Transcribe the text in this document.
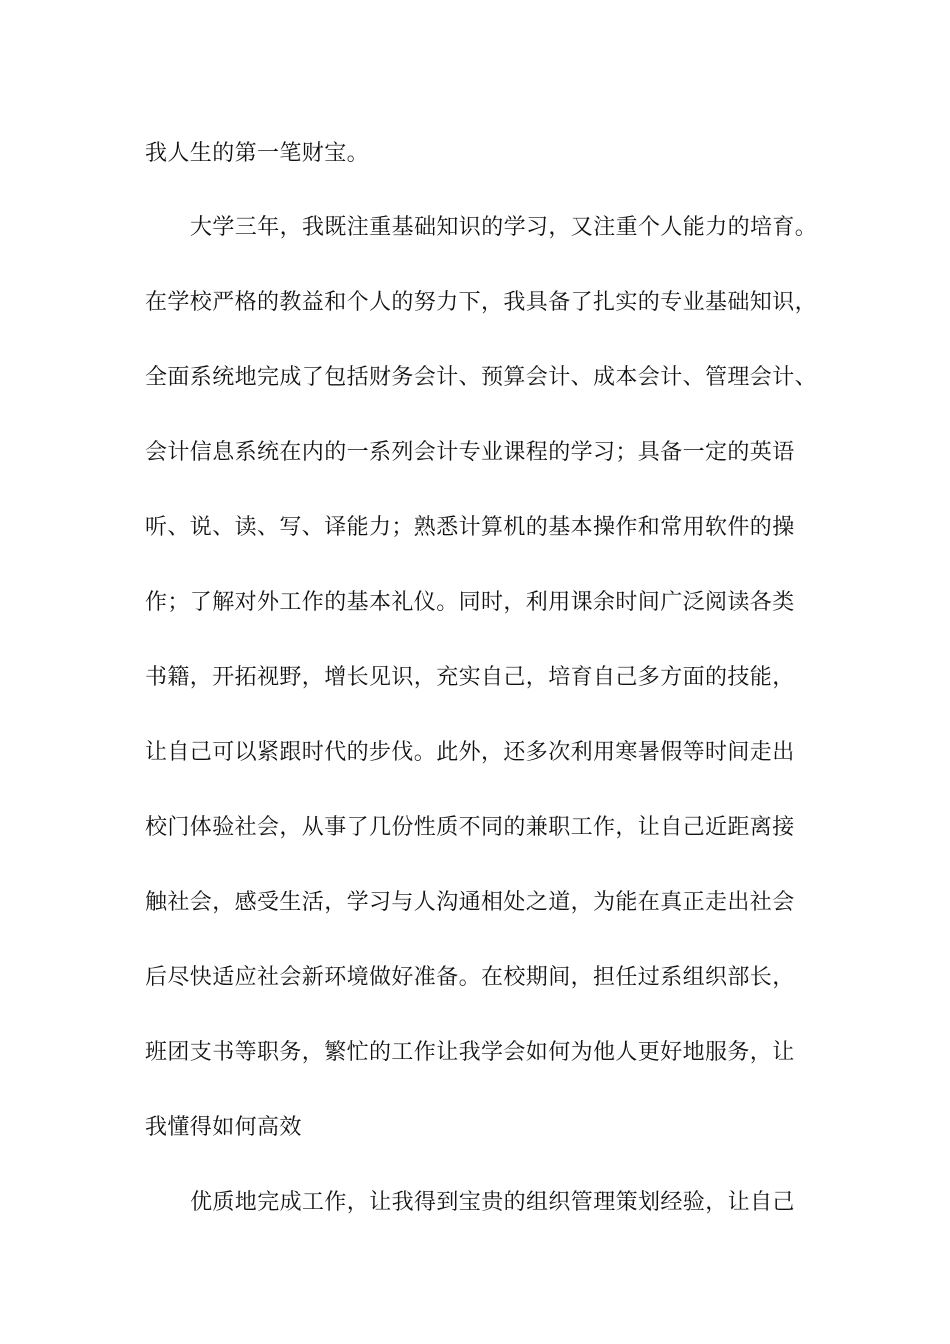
我人生的第一笔财宝。
大学三年，我既注重基础知识的学习，又注重个人能力的培育。
在学校严格的教益和个人的努力下，我具备了扎实的专业基础知识，
全面系统地完成了包括财务会计、预算会计、成本会计、管理会计、
会计信息系统在内的一系列会计专业课程的学习；具备一定的英语
听、说、读、写、译能力；熟悉计算机的基本操作和常用软件的操
作；了解对外工作的基本礼仪。同时，利用课余时间广泛阅读各类
书籍，开拓视野，增长见识，充实自己，培育自己多方面的技能，
让自己可以紧跟时代的步伐。此外，还多次利用寒暑假等时间走出
校门体验社会，从事了几份性质不同的兼职工作，让自己近距离接
触社会，感受生活，学习与人沟通相处之道，为能在真正走出社会
后尽快适应社会新环境做好准备。在校期间，担任过系组织部长，
班团支书等职务，繁忙的工作让我学会如何为他人更好地服务，让
我懂得如何高效
优质地完成工作，让我得到宝贵的组织管理策划经验，让自己
